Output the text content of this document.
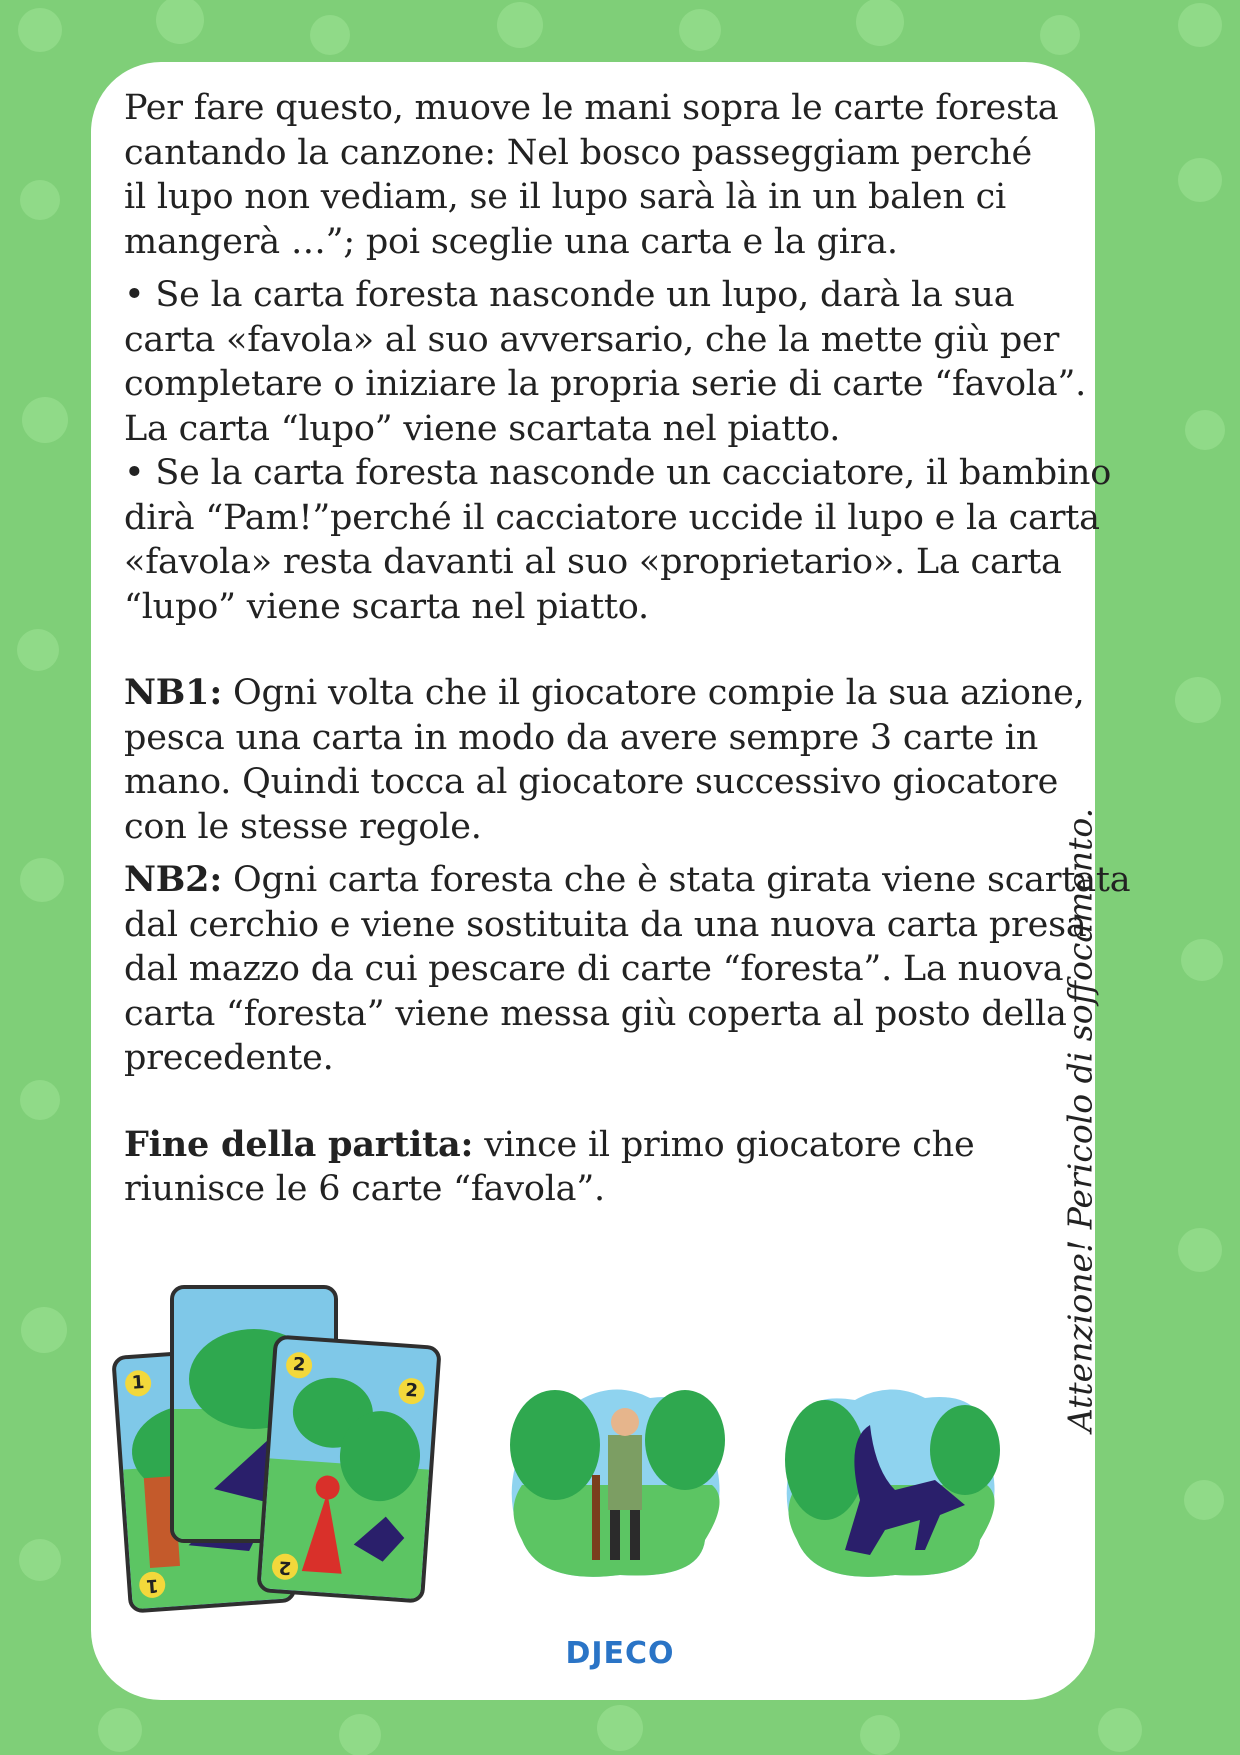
Per fare questo, muove le mani sopra le carte foresta

cantando la canzone: Nel bosco passeggiam perché

il lupo non vediam, se il lupo sarà là in un balen ci

mangerà …”; poi sceglie una carta e la gira.

• Se la carta foresta nasconde un lupo, darà la sua

carta «favola» al suo avversario, che la mette giù per

completare o iniziare la propria serie di carte “favola”.

La carta “lupo” viene scartata nel piatto.

• Se la carta foresta nasconde un cacciatore, il bambino

dirà “Pam!”perché il cacciatore uccide il lupo e la carta

«favola» resta davanti al suo «proprietario». La carta

“lupo” viene scarta nel piatto.

NB1: Ogni volta che il giocatore compie la sua azione,

pesca una carta in modo da avere sempre 3 carte in

mano. Quindi tocca al giocatore successivo giocatore

con le stesse regole.

NB2: Ogni carta foresta che è stata girata viene scartata

dal cerchio e viene sostituita da una nuova carta presa

dal mazzo da cui pescare di carte “foresta”. La nuova

carta “foresta” viene messa giù coperta al posto della

precedente.

Fine della partita: vince il primo giocatore che

riunisce le 6 carte “favola”.	Attenzione! Pericolo di soffocamento.
1
1
2
2
2
DJECO
